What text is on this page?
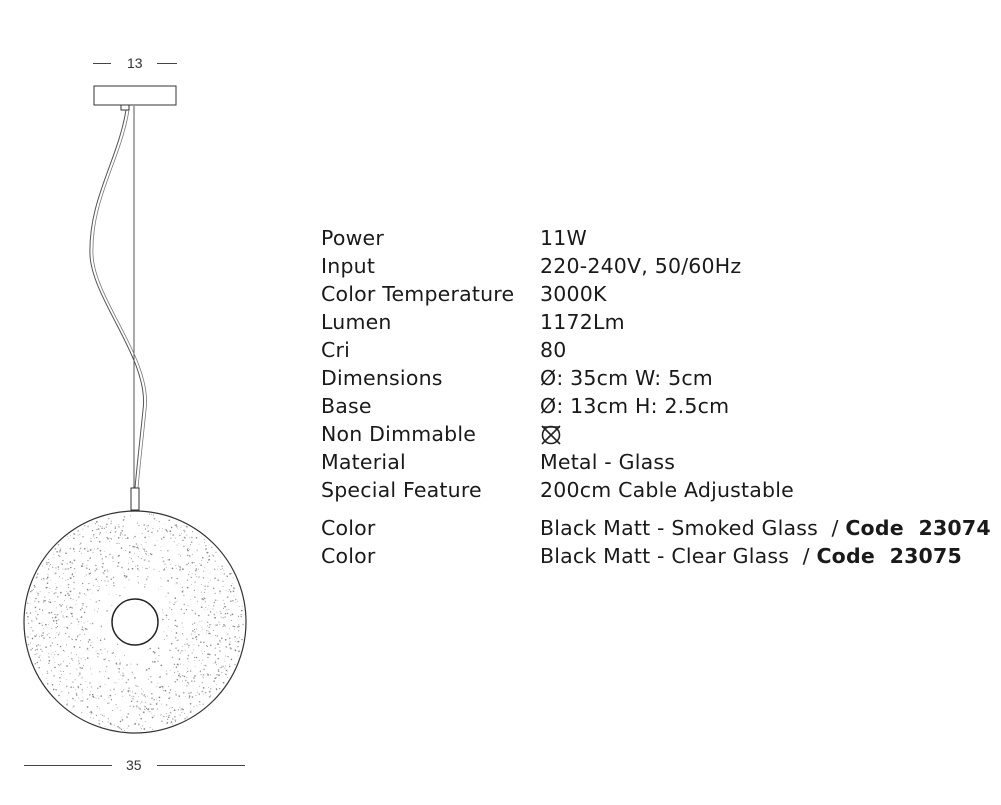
13
35
Power	11W
Input	220-240V, 50/60Hz
Color Temperature 3000K
Lumen	1172Lm
Cri	80
Dimensions	Ø: 35cm W: 5cm
Base	Ø: 13cm H: 2.5cm
Non Dimmable
Material	Metal - Glass
Special Feature	200cm Cable Adjustable
Color	Black Matt - Smoked Glass  / Code  23074
Color	Black Matt - Clear Glass  / Code  23075
